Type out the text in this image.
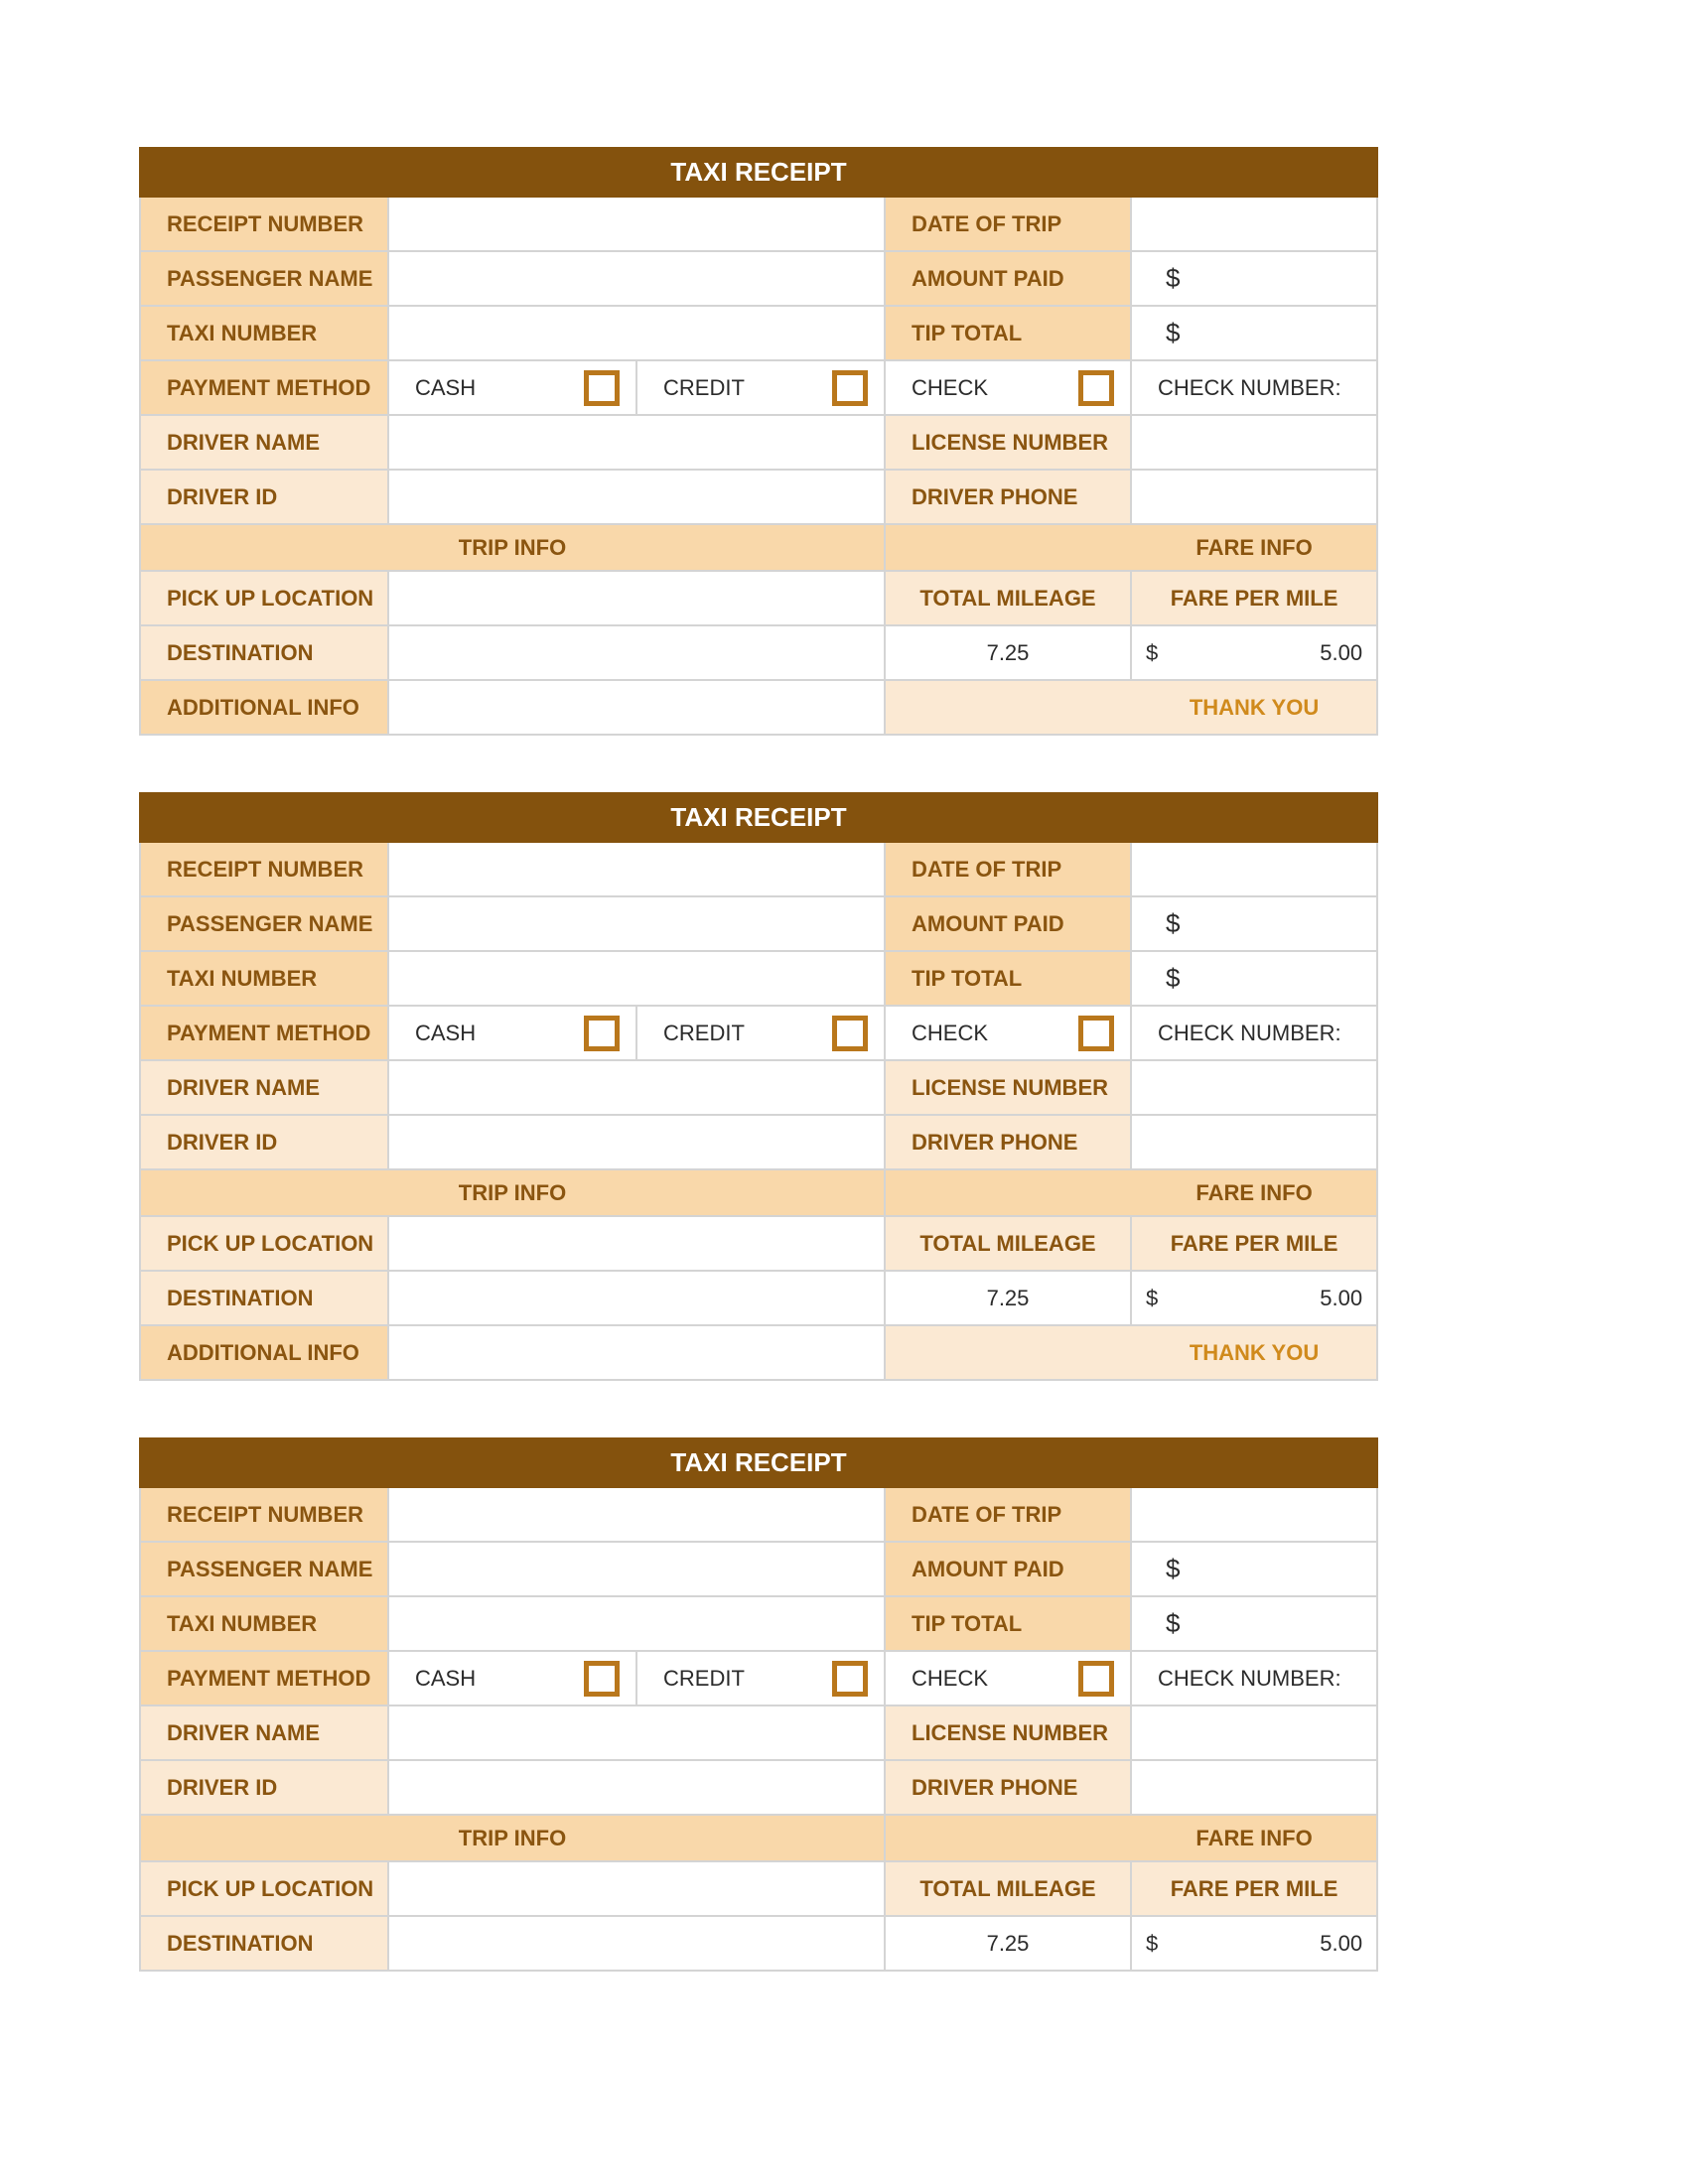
TAXI RECEIPT				
RECEIPT NUMBER			DATE OF TRIP	
PASSENGER NAME			AMOUNT PAID	$
TAXI NUMBER			TIP TOTAL	$
PAYMENT METHOD	CASH	CREDIT	CHECK	CHECK NUMBER:
DRIVER NAME			LICENSE NUMBER	
DRIVER ID			DRIVER PHONE	
TRIP INFO				FARE INFO
PICK UP LOCATION			TOTAL MILEAGE	FARE PER MILE
DESTINATION			7.25	$ 5.00

ADDITIONAL INFO				THANK YOU
TAXI RECEIPT				
RECEIPT NUMBER			DATE OF TRIP	
PASSENGER NAME			AMOUNT PAID	$
TAXI NUMBER			TIP TOTAL	$
PAYMENT METHOD	CASH	CREDIT	CHECK	CHECK NUMBER:
DRIVER NAME			LICENSE NUMBER	
DRIVER ID			DRIVER PHONE	
TRIP INFO				FARE INFO
PICK UP LOCATION			TOTAL MILEAGE	FARE PER MILE
DESTINATION			7.25	$ 5.00

ADDITIONAL INFO				THANK YOU
TAXI RECEIPT				
RECEIPT NUMBER			DATE OF TRIP	
PASSENGER NAME			AMOUNT PAID	$
TAXI NUMBER			TIP TOTAL	$
PAYMENT METHOD	CASH	CREDIT	CHECK	CHECK NUMBER:
DRIVER NAME			LICENSE NUMBER	
DRIVER ID			DRIVER PHONE	
TRIP INFO				FARE INFO
PICK UP LOCATION			TOTAL MILEAGE	FARE PER MILE
DESTINATION			7.25	$ 5.00
